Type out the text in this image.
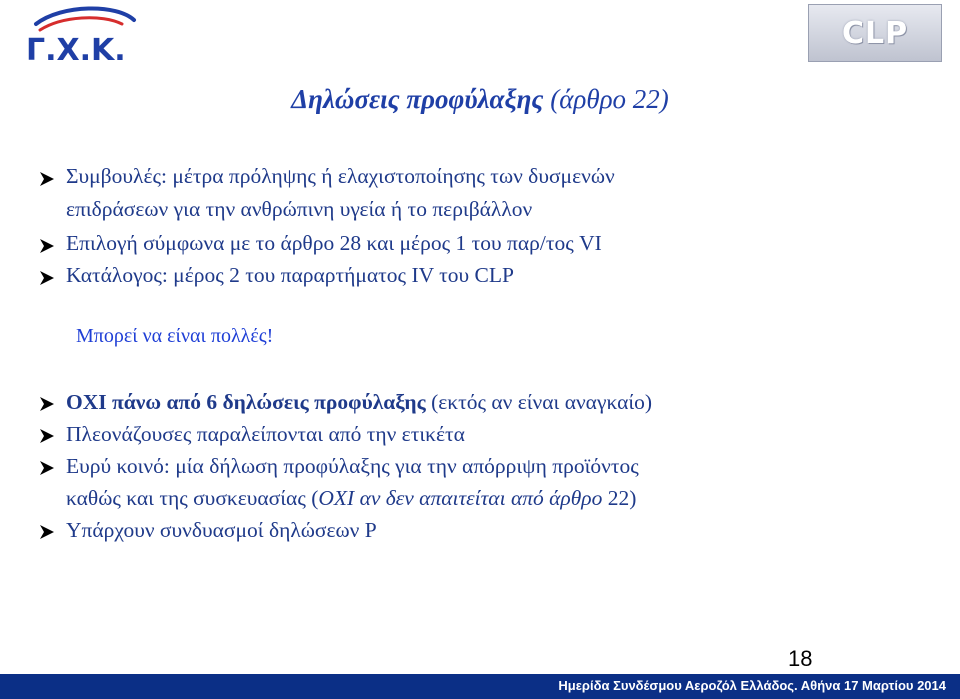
Γ.Χ.Κ.	CLP
Δηλώσεις προφύλαξης (άρθρο 22)
Συμβουλές: μέτρα πρόληψης ή ελαχιστοποίησης των δυσμενών
επιδράσεων για την ανθρώπινη υγεία ή το περιβάλλον
Επιλογή σύμφωνα με το άρθρο 28 και μέρος 1 του παρ/τος VI
Κατάλογος: μέρος 2 του παραρτήματος IV του CLP
Μπορεί να είναι πολλές!
ΟΧΙ πάνω από 6 δηλώσεις προφύλαξης (εκτός αν είναι αναγκαίο)
Πλεονάζουσες παραλείπονται από την ετικέτα
Ευρύ κοινό: μία δήλωση προφύλαξης για την απόρριψη προϊόντος
καθώς και της συσκευασίας (ΟΧΙ αν δεν απαιτείται από άρθρο 22)
Υπάρχουν συνδυασμοί δηλώσεων P
18
Ημερίδα Συνδέσμου Αεροζόλ Ελλάδος. Αθήνα 17 Μαρτίου 2014
